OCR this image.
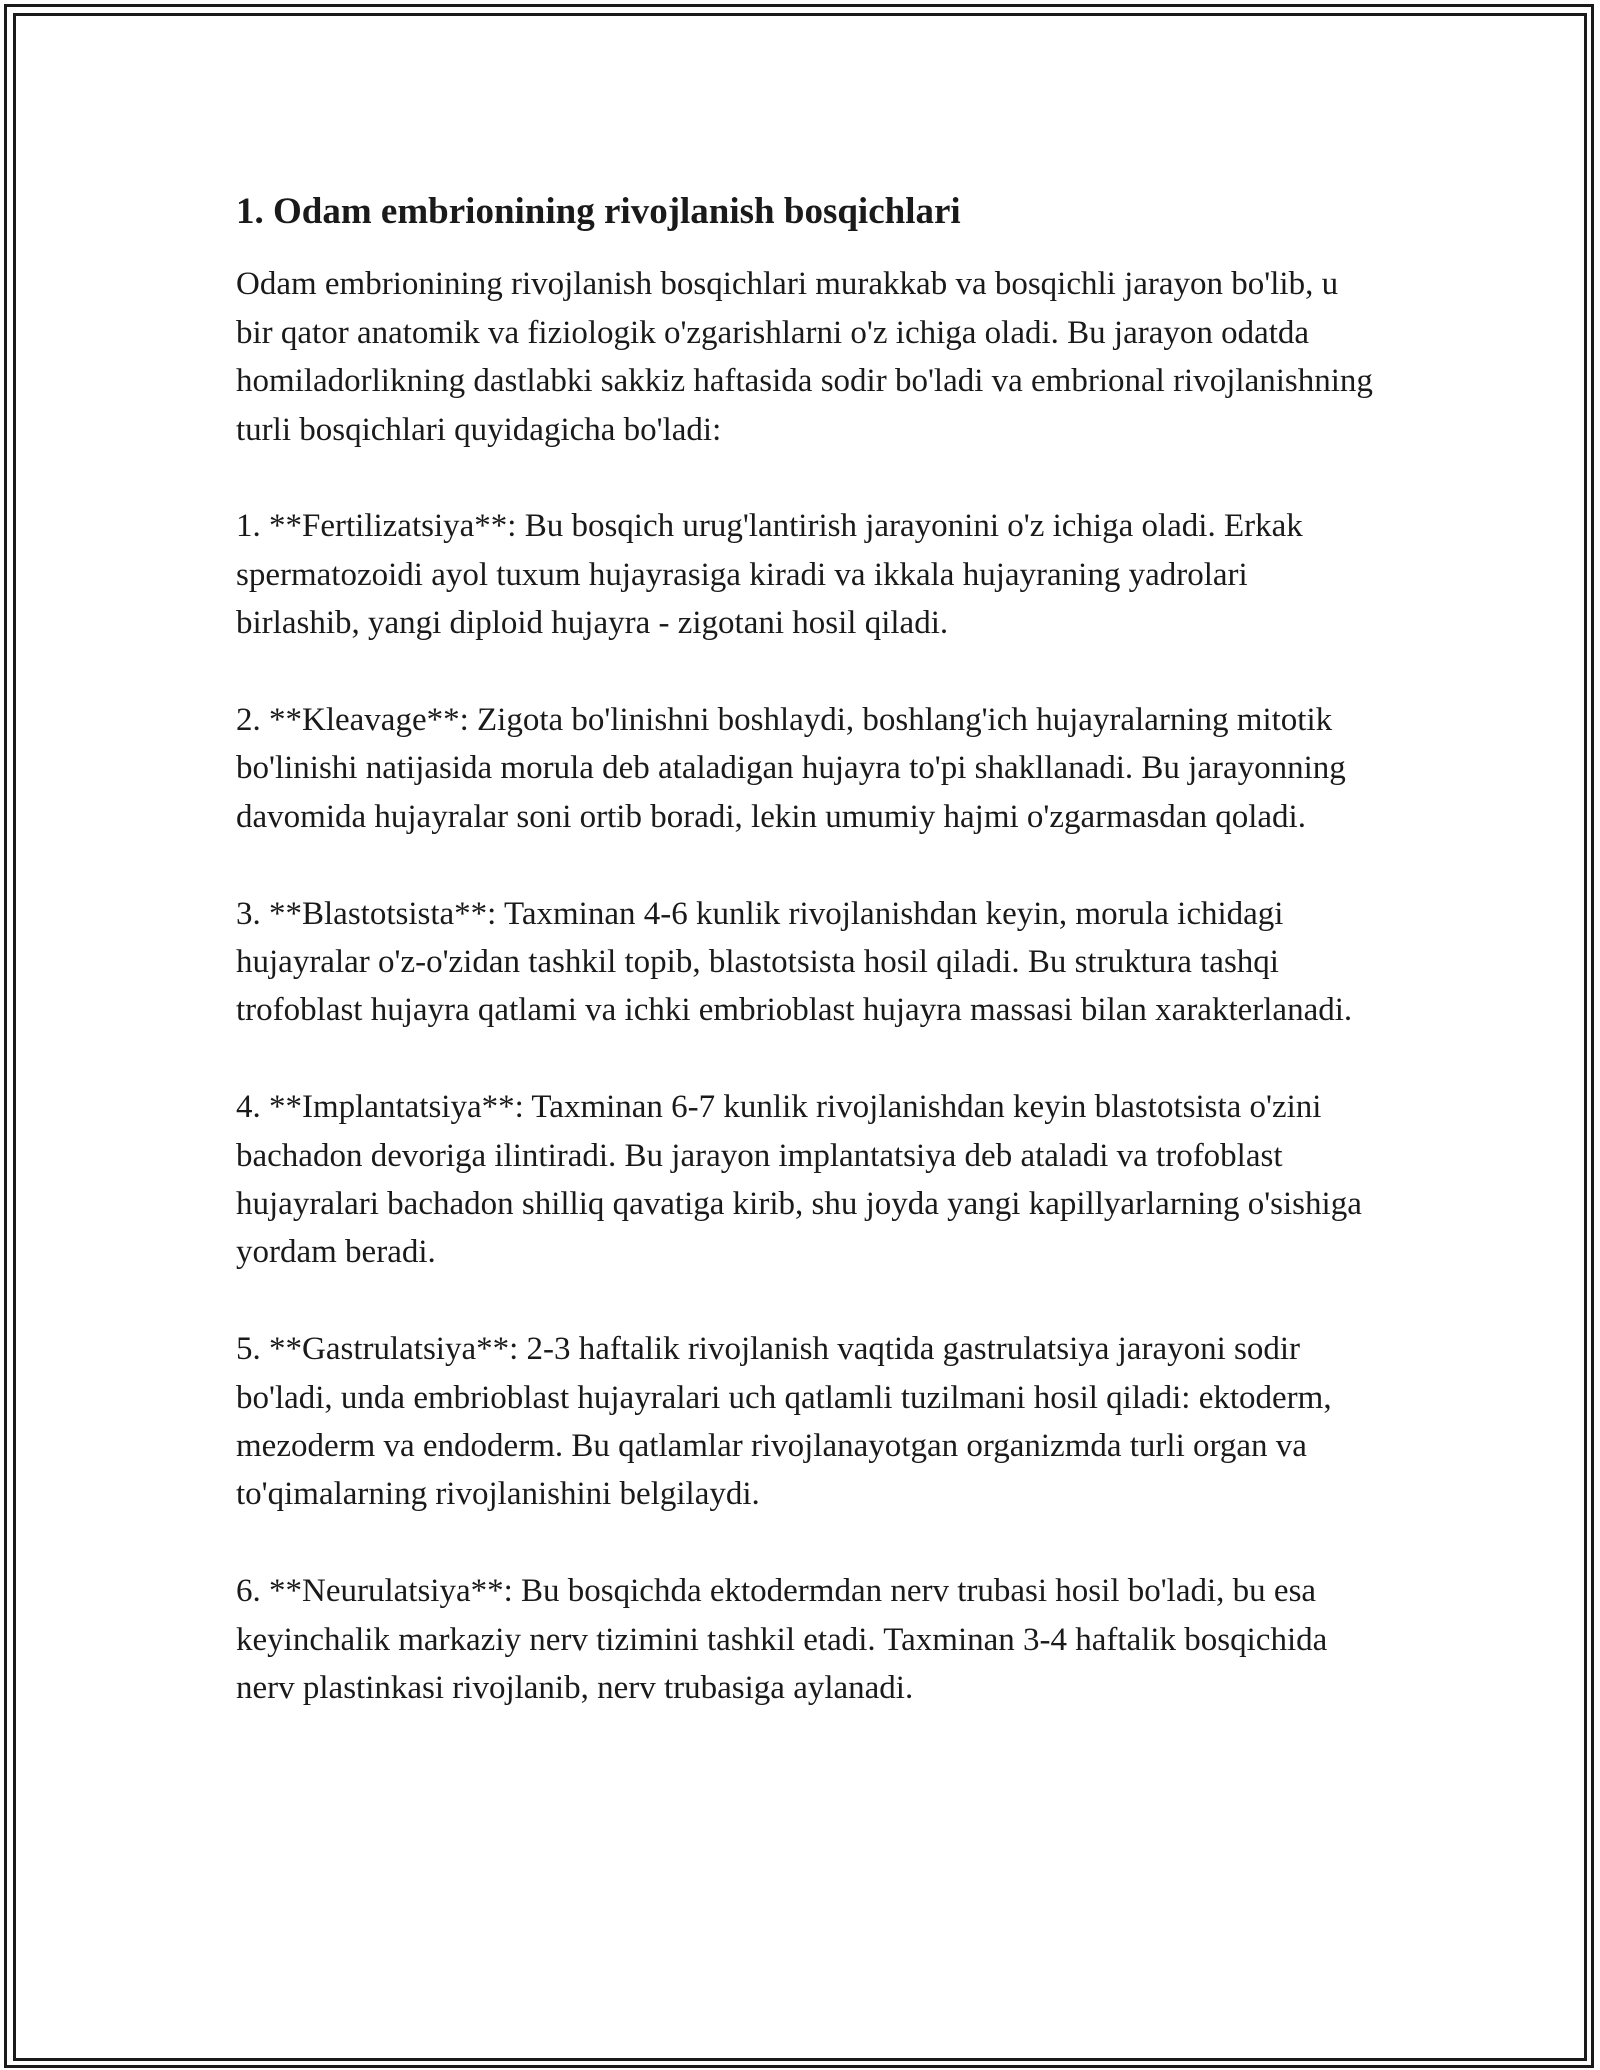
1. Odam embrionining rivojlanish bosqichlari

Odam embrionining rivojlanish bosqichlari murakkab va bosqichli jarayon bo'lib, u bir qator anatomik va fiziologik o'zgarishlarni o'z ichiga oladi. Bu jarayon odatda homiladorlikning dastlabki sakkiz haftasida sodir bo'ladi va embrional rivojlanishning turli bosqichlari quyidagicha bo'ladi:

1. **Fertilizatsiya**: Bu bosqich urug'lantirish jarayonini o'z ichiga oladi. Erkak spermatozoidi ayol tuxum hujayrasiga kiradi va ikkala hujayraning yadrolari birlashib, yangi diploid hujayra - zigotani hosil qiladi.

2. **Kleavage**: Zigota bo'linishni boshlaydi, boshlang'ich hujayralarning mitotik bo'linishi natijasida morula deb ataladigan hujayra to'pi shakllanadi. Bu jarayonning davomida hujayralar soni ortib boradi, lekin umumiy hajmi o'zgarmasdan qoladi.

3. **Blastotsista**: Taxminan 4-6 kunlik rivojlanishdan keyin, morula ichidagi hujayralar o'z-o'zidan tashkil topib, blastotsista hosil qiladi. Bu struktura tashqi trofoblast hujayra qatlami va ichki embrioblast hujayra massasi bilan xarakterlanadi.

4. **Implantatsiya**: Taxminan 6-7 kunlik rivojlanishdan keyin blastotsista o'zini bachadon devoriga ilintiradi. Bu jarayon implantatsiya deb ataladi va trofoblast hujayralari bachadon shilliq qavatiga kirib, shu joyda yangi kapillyarlarning o'sishiga yordam beradi.

5. **Gastrulatsiya**: 2-3 haftalik rivojlanish vaqtida gastrulatsiya jarayoni sodir bo'ladi, unda embrioblast hujayralari uch qatlamli tuzilmani hosil qiladi: ektoderm, mezoderm va endoderm. Bu qatlamlar rivojlanayotgan organizmda turli organ va to'qimalarning rivojlanishini belgilaydi.

6. **Neurulatsiya**: Bu bosqichda ektodermdan nerv trubasi hosil bo'ladi, bu esa keyinchalik markaziy nerv tizimini tashkil etadi. Taxminan 3-4 haftalik bosqichida nerv plastinkasi rivojlanib, nerv trubasiga aylanadi.
